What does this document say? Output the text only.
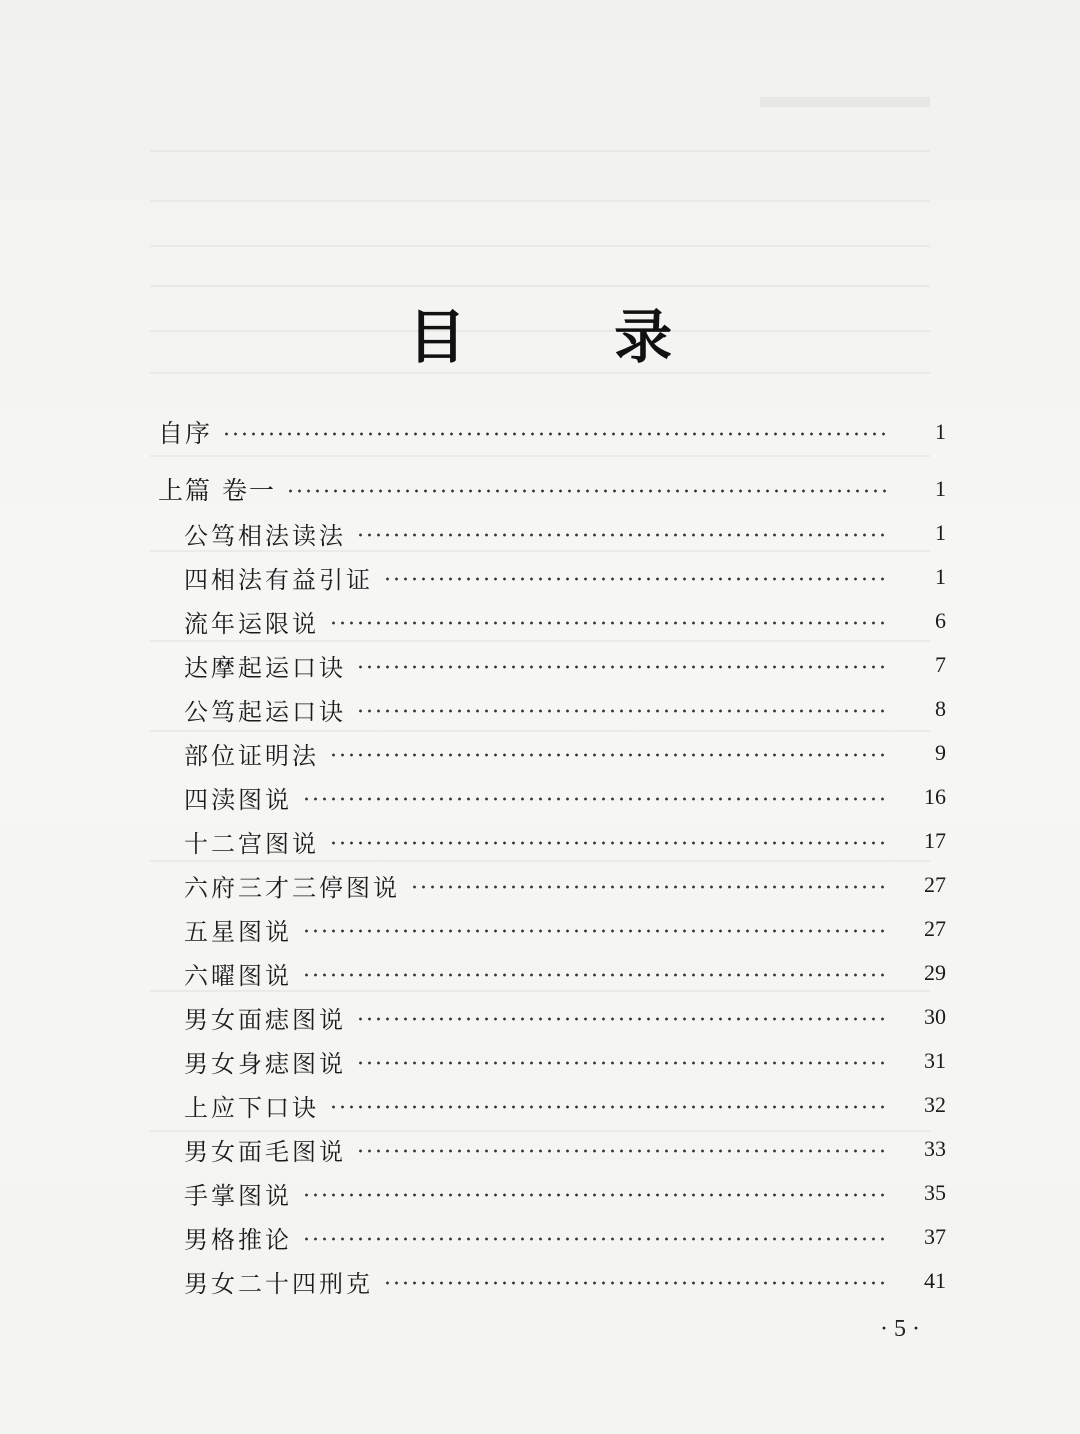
目 录
自序	1
上篇 卷一	1
公笃相法读法	1
四相法有益引证	1
流年运限说	6
达摩起运口诀	7
公笃起运口诀	8
部位证明法	9
四渎图说	16
十二宫图说	17
六府三才三停图说	27
五星图说	27
六曜图说	29
男女面痣图说	30
男女身痣图说	31
上应下口诀	32
男女面毛图说	33
手掌图说	35
男格推论	37
男女二十四刑克	41
· 5 ·
